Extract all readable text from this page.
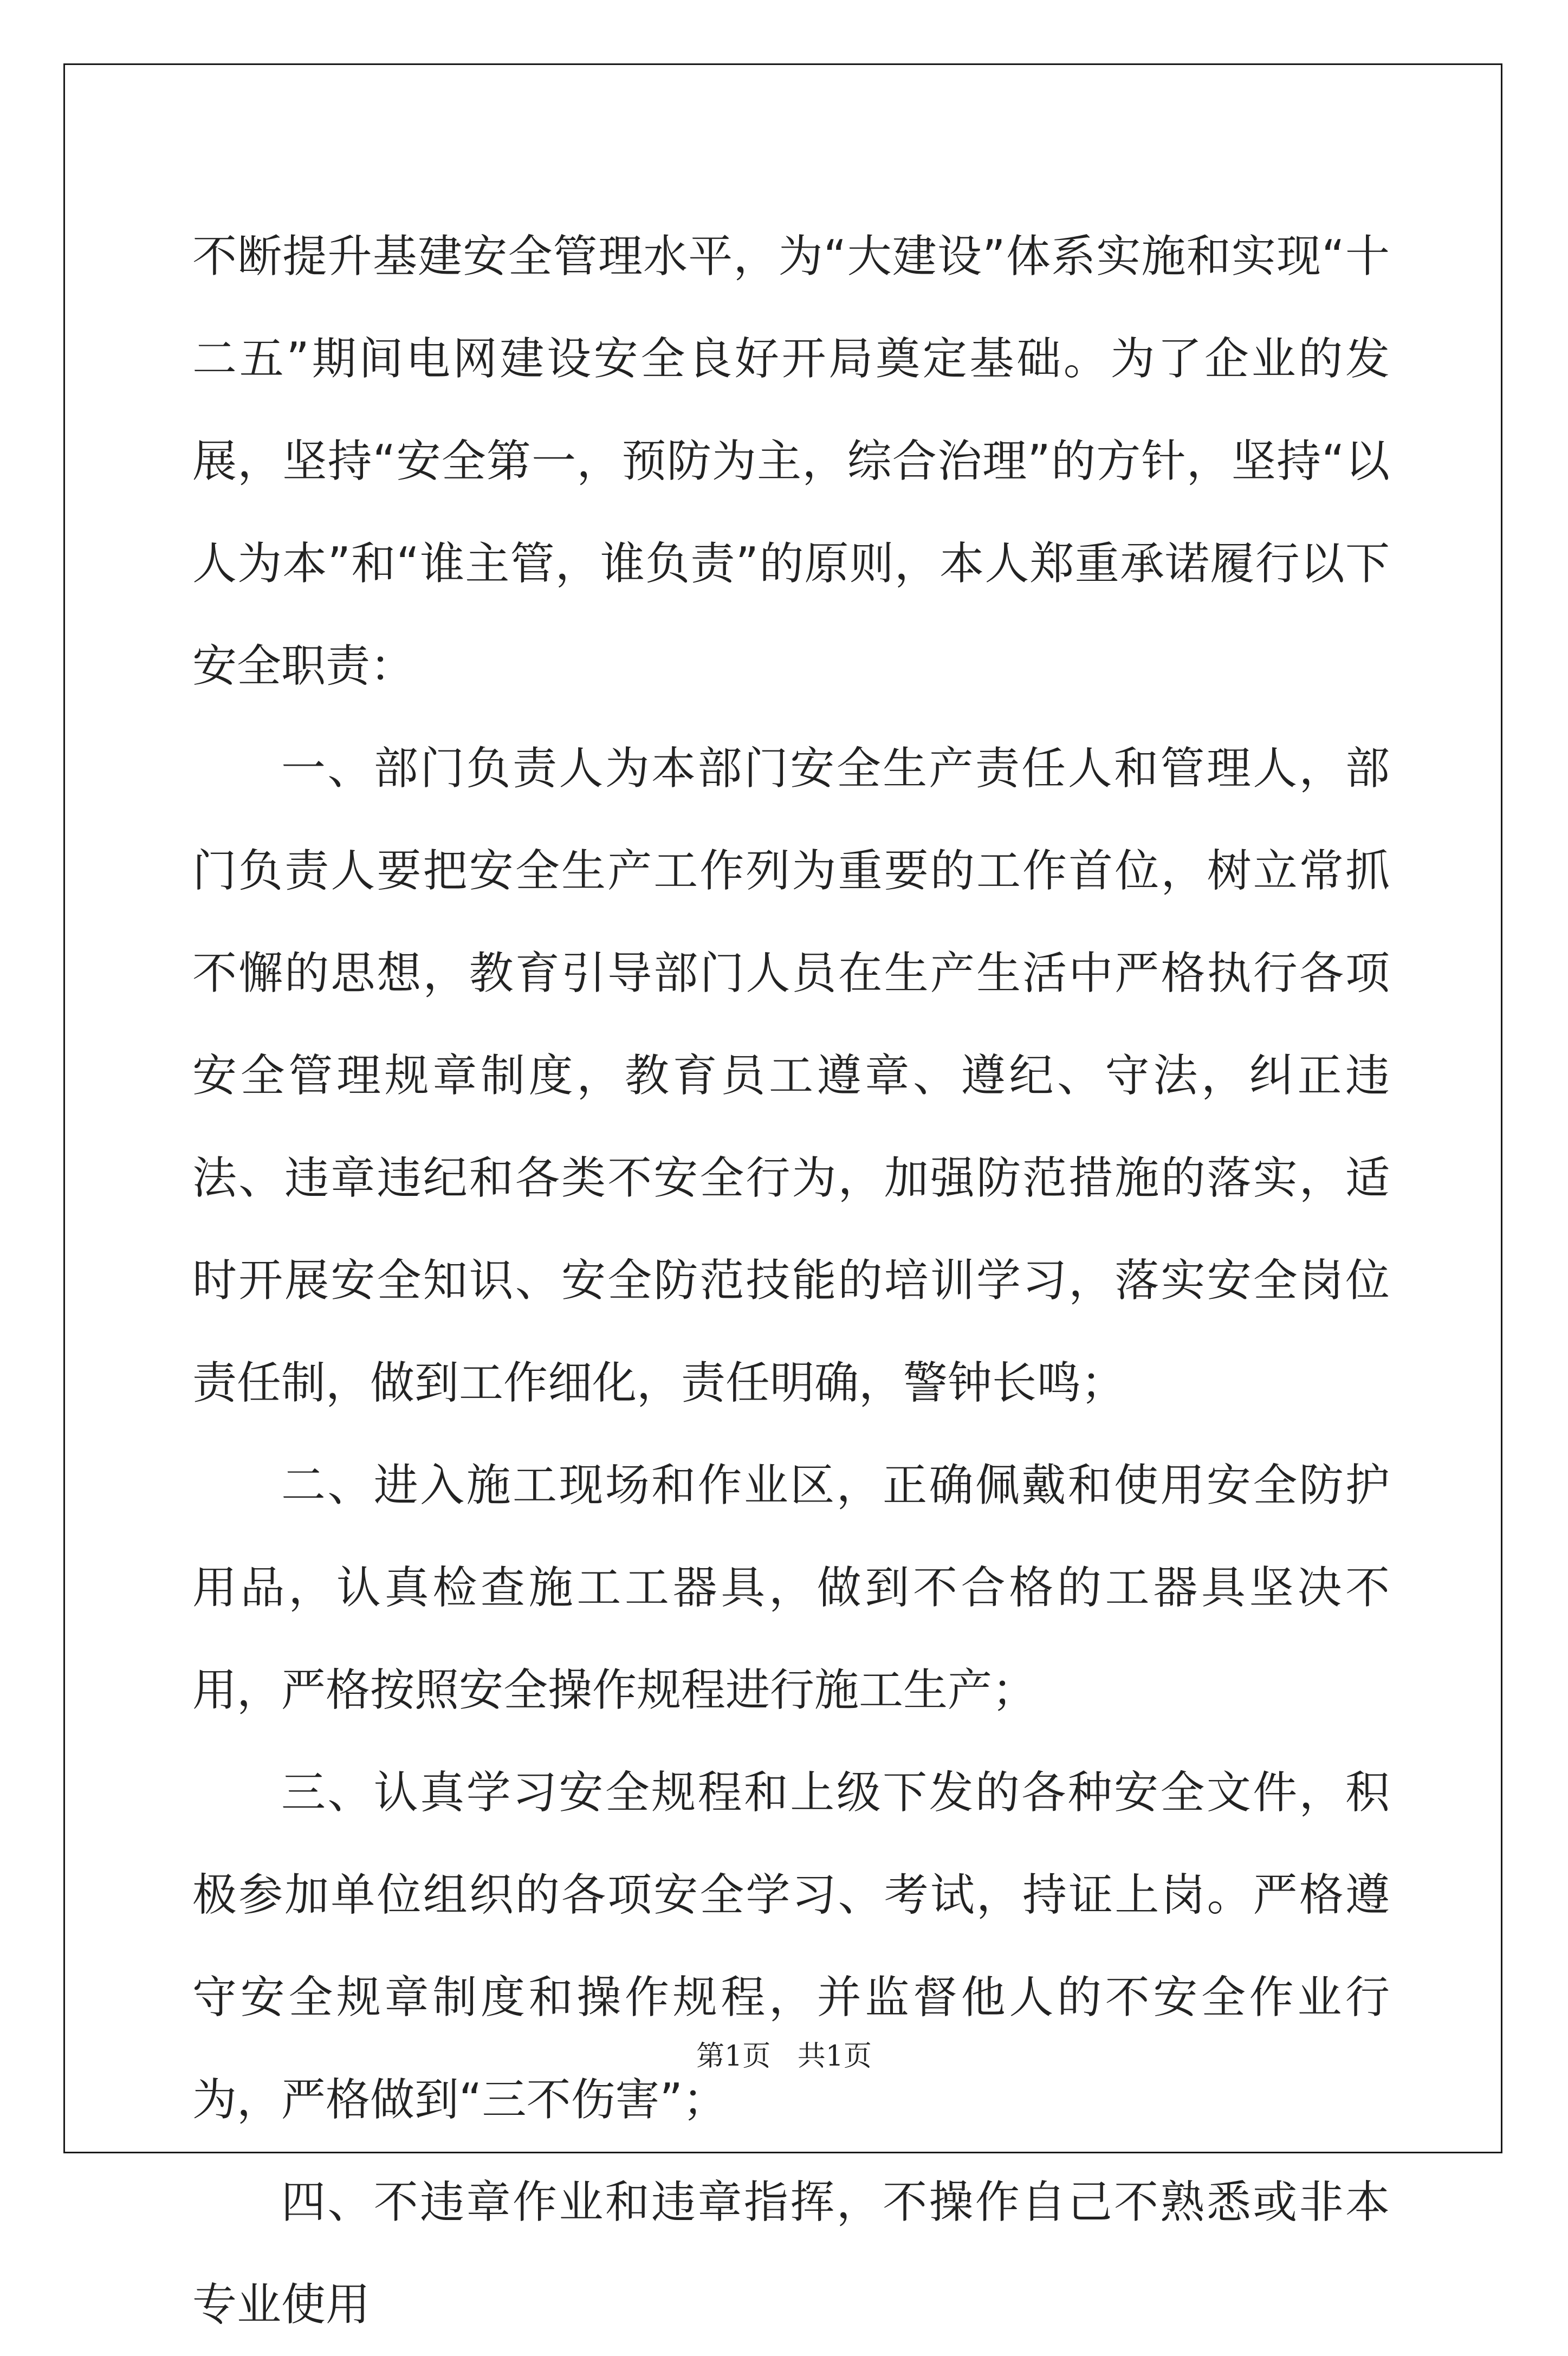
不断提升基建安全管理水平，为“大建设”体系实施和实现“十二五”期间电网建设安全良好开局奠定基础。为了企业的发展，坚持“安全第一，预防为主，综合治理”的方针，坚持“以人为本”和“谁主管，谁负责”的原则，本人郑重承诺履行以下安全职责：

一、部门负责人为本部门安全生产责任人和管理人，部门负责人要把安全生产工作列为重要的工作首位，树立常抓不懈的思想，教育引导部门人员在生产生活中严格执行各项安全管理规章制度，教育员工遵章、遵纪、守法，纠正违法、违章违纪和各类不安全行为，加强防范措施的落实，适时开展安全知识、安全防范技能的培训学习，落实安全岗位责任制，做到工作细化，责任明确，警钟长鸣；

二、进入施工现场和作业区，正确佩戴和使用安全防护用品，认真检查施工工器具，做到不合格的工器具坚决不用，严格按照安全操作规程进行施工生产；

三、认真学习安全规程和上级下发的各种安全文件，积极参加单位组织的各项安全学习、考试，持证上岗。严格遵守安全规章制度和操作规程，并监督他人的不安全作业行为，严格做到“三不伤害”；

四、不违章作业和违章指挥，不操作自己不熟悉或非本专业使用

第1页   共1页
